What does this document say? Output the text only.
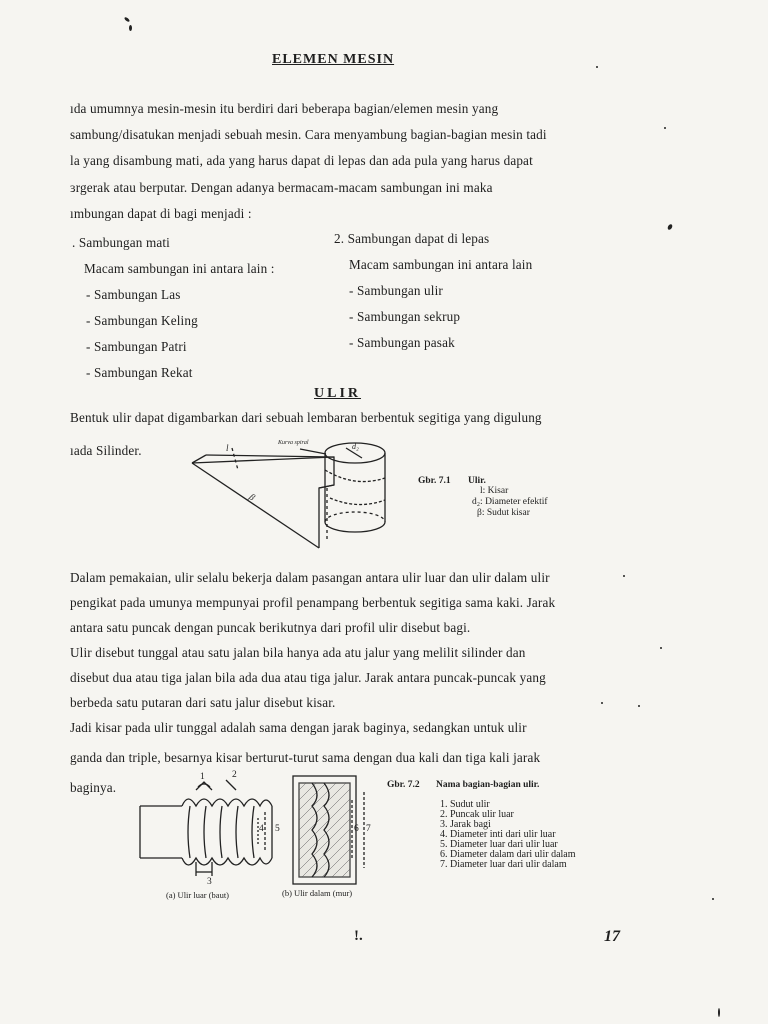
ELEMEN MESIN
ıda umumnya mesin-mesin itu berdiri dari beberapa bagian/elemen mesin yang
sambung/disatukan menjadi sebuah mesin. Cara menyambung bagian-bagian mesin tadi
la yang disambung mati, ada yang harus dapat di lepas dan ada pula yang harus dapat
ɜrgerak atau berputar. Dengan adanya bermacam-macam sambungan ini maka
ımbungan dapat di bagi menjadi :
. Sambungan mati
Macam sambungan ini antara lain :
- Sambungan Las
- Sambungan Keling
- Sambungan Patri
- Sambungan Rekat
2. Sambungan dapat di lepas
Macam sambungan ini antara lain
- Sambungan ulir
- Sambungan sekrup
- Sambungan pasak
ULIR
Bentuk ulir dapat digambarkan dari sebuah lembaran berbentuk segitiga yang digulung
ıada Silinder.	Kurva spiral
l
β
d₂
Gbr. 7.1 Ulir.
l: Kisar
d₂: Diameter efektif
β: Sudut kisar
Dalam pemakaian, ulir selalu bekerja dalam pasangan antara ulir luar dan ulir dalam ulir
pengikat pada umunya mempunyai profil penampang berbentuk segitiga sama kaki. Jarak
antara satu puncak dengan puncak berikutnya dari profil ulir disebut bagi.
Ulir disebut tunggal atau satu jalan bila hanya ada atu jalur yang melilit silinder dan
disebut dua atau tiga jalan bila ada dua atau tiga jalur. Jarak antara puncak-puncak yang
berbeda satu putaran dari satu jalur disebut kisar.
Jadi kisar pada ulir tunggal adalah sama dengan jarak baginya, sedangkan untuk ulir
ganda dan triple, besarnya kisar berturut-turut sama dengan dua kali dan tiga kali jarak
baginya.
1	2
3
4 5	6 7
(a) Ulir luar (baut)	(b) Ulir dalam (mur)
Gbr. 7.2 Nama bagian-bagian ulir.
1. Sudut ulir
2. Puncak ulir luar
3. Jarak bagi
4. Diameter inti dari ulir luar
5. Diameter luar dari ulir luar
6. Diameter dalam dari ulir dalam
7. Diameter luar dari ulir dalam
!.	17
